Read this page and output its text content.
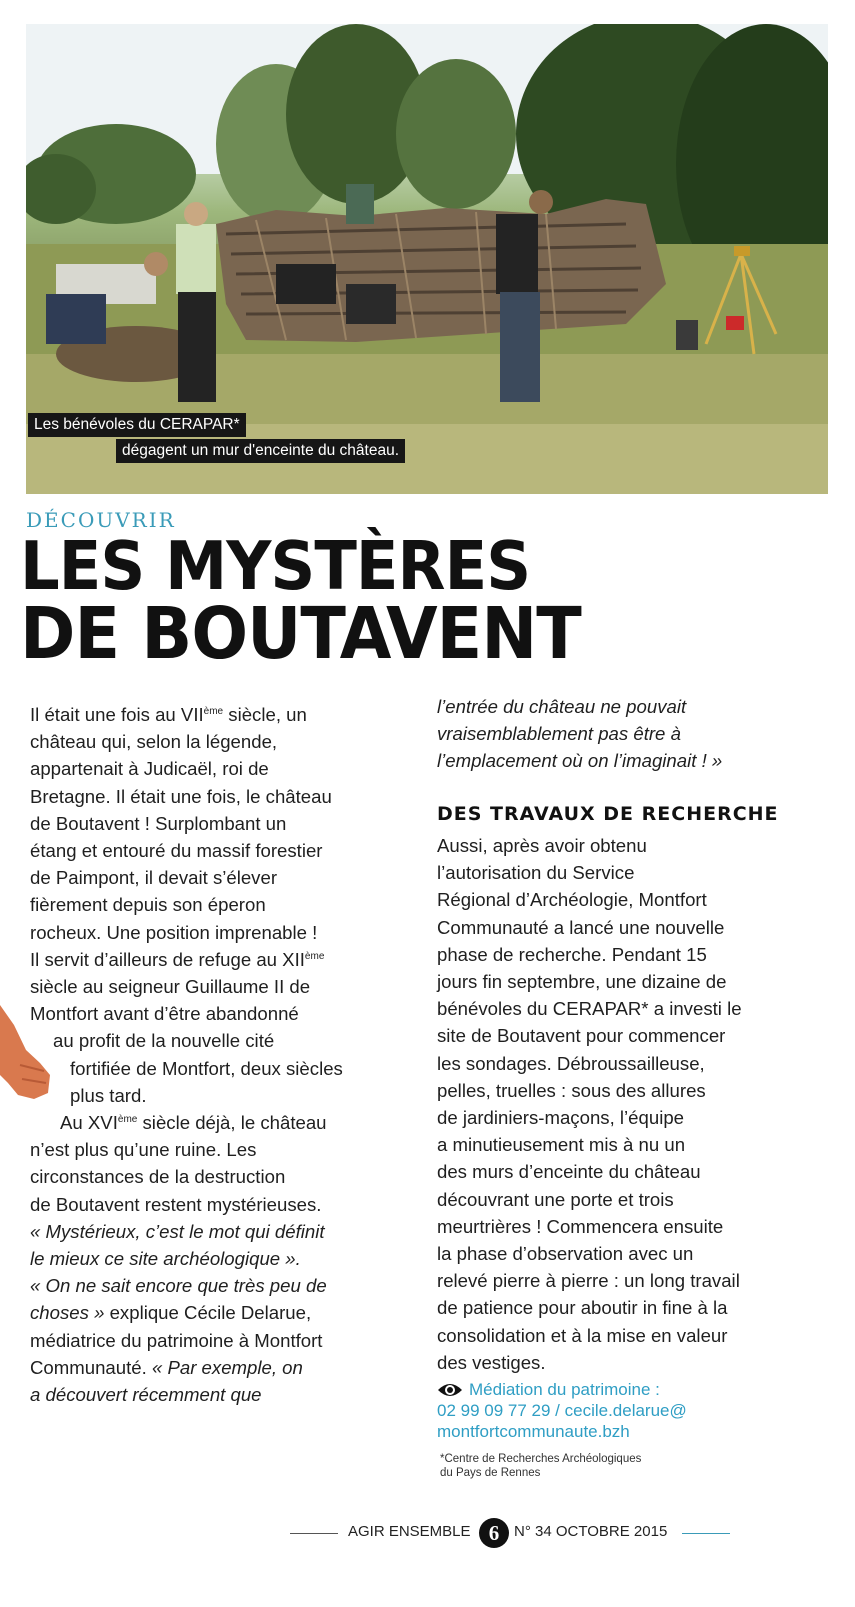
Les bénévoles du CERAPAR*
dégagent un mur d'enceinte du château.
DÉCOUVRIR
LES MYSTÈRES
DE BOUTAVENT

Il était une fois au VIIème siècle, un

château qui, selon la légende,

appartenait à Judicaël, roi de

Bretagne. Il était une fois, le château

de Boutavent ! Surplombant un

étang et entouré du massif forestier

de Paimpont, il devait s’élever

fièrement depuis son éperon

rocheux. Une position imprenable !

Il servit d’ailleurs de refuge au XIIème

siècle au seigneur Guillaume II de

Montfort avant d’être abandonné

au profit de la nouvelle cité

fortifiée de Montfort, deux siècles

plus tard.

Au XVIème siècle déjà, le château

n’est plus qu’une ruine. Les

circonstances de la destruction

de Boutavent restent mystérieuses.

« Mystérieux, c’est le mot qui définit

le mieux ce site archéologique ».

« On ne sait encore que très peu de

choses » explique Cécile Delarue,

médiatrice du patrimoine à Montfort

Communauté. « Par exemple, on

a découvert récemment que

l’entrée du château ne pouvait

vraisemblablement pas être à

l’emplacement où on l’imaginait ! »

DES TRAVAUX DE RECHERCHE

Aussi, après avoir obtenu

l’autorisation du Service

Régional d’Archéologie, Montfort

Communauté a lancé une nouvelle

phase de recherche. Pendant 15

jours fin septembre, une dizaine de

bénévoles du CERAPAR* a investi le

site de Boutavent pour commencer

les sondages. Débroussailleuse,

pelles, truelles : sous des allures

de jardiniers-maçons, l’équipe

a minutieusement mis à nu un

des murs d’enceinte du château

découvrant une porte et trois

meurtrières ! Commencera ensuite

la phase d’observation avec un

relevé pierre à pierre : un long travail

de patience pour aboutir in fine à la

consolidation et à la mise en valeur

des vestiges.

Médiation du patrimoine :
02 99 09 77 29 / cecile.delarue@
montfortcommunaute.bzh
*Centre de Recherches Archéologiques
du Pays de Rennes
AGIR ENSEMBLE 6 N° 34 OCTOBRE 2015
